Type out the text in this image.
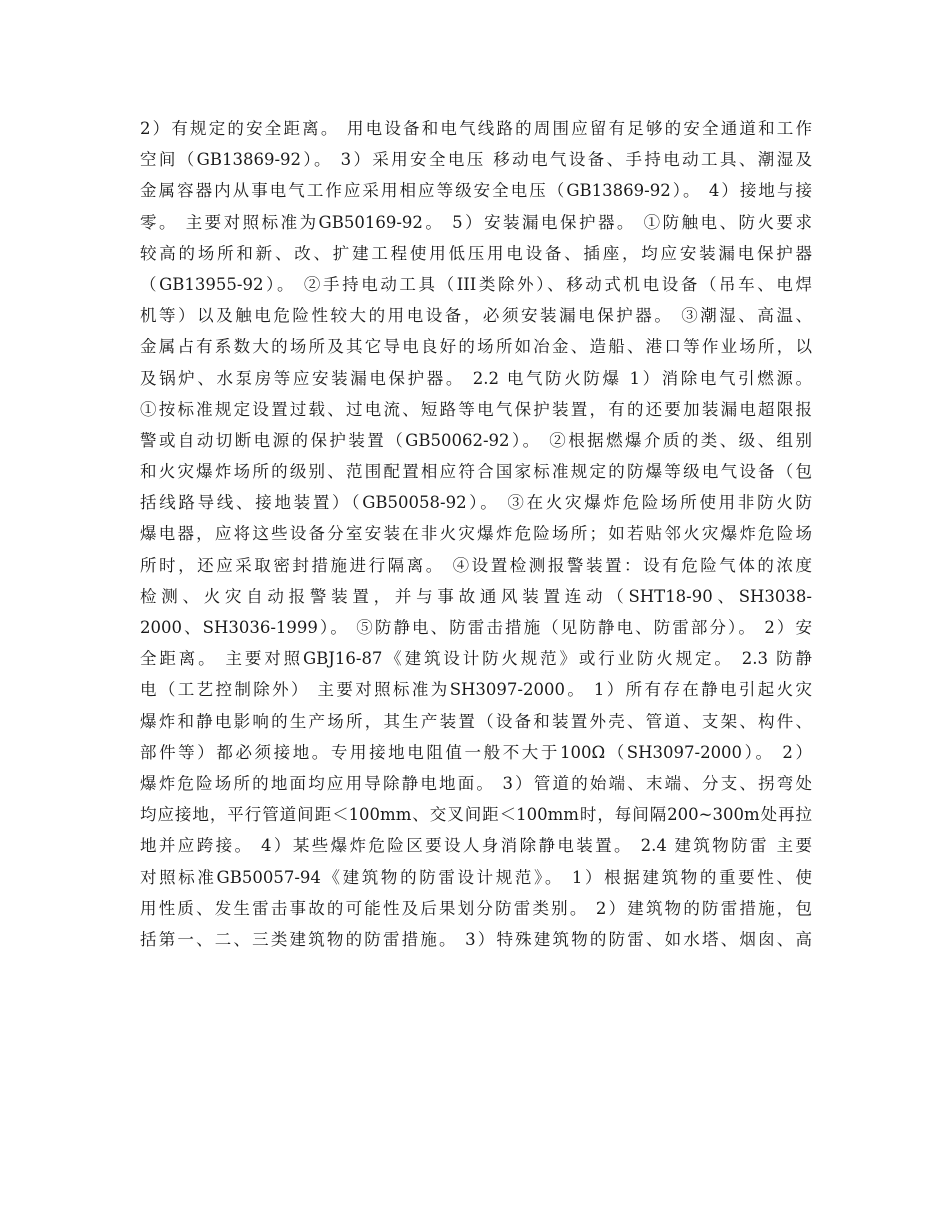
2）有规定的安全距离。 用电设备和电气线路的周围应留有足够的安全通道和工作
空间（GB13869-92）。 3）采用安全电压 移动电气设备、手持电动工具、潮湿及
金属容器内从事电气工作应采用相应等级安全电压（GB13869-92）。 4）接地与接
零。 主要对照标准为GB50169-92。 5）安装漏电保护器。 ①防触电、防火要求
较高的场所和新、改、扩建工程使用低压用电设备、插座，均应安装漏电保护器
（GB13955-92）。 ②手持电动工具（III类除外）、移动式机电设备（吊车、电焊
机等）以及触电危险性较大的用电设备，必须安装漏电保护器。 ③潮湿、高温、
金属占有系数大的场所及其它导电良好的场所如冶金、造船、港口等作业场所，以
及锅炉、水泵房等应安装漏电保护器。 2.2 电气防火防爆 1）消除电气引燃源。
①按标准规定设置过载、过电流、短路等电气保护装置，有的还要加装漏电超限报
警或自动切断电源的保护装置（GB50062-92）。 ②根据燃爆介质的类、级、组别
和火灾爆炸场所的级别、范围配置相应符合国家标准规定的防爆等级电气设备（包
括线路导线、接地装置）（GB50058-92）。 ③在火灾爆炸危险场所使用非防火防
爆电器，应将这些设备分室安装在非火灾爆炸危险场所；如若贴邻火灾爆炸危险场
所时，还应采取密封措施进行隔离。 ④设置检测报警装置：设有危险气体的浓度
检测、火灾自动报警装置，并与事故通风装置连动（SHT18-90、SH3038-
2000、SH3036-1999）。 ⑤防静电、防雷击措施（见防静电、防雷部分）。 2）安
全距离。 主要对照GBJ16-87《建筑设计防火规范》或行业防火规定。 2.3 防静
电（工艺控制除外） 主要对照标准为SH3097-2000。 1）所有存在静电引起火灾
爆炸和静电影响的生产场所，其生产装置（设备和装置外壳、管道、支架、构件、
部件等）都必须接地。专用接地电阻值一般不大于100Ω（SH3097-2000）。 2）
爆炸危险场所的地面均应用导除静电地面。 3）管道的始端、末端、分支、拐弯处
均应接地，平行管道间距＜100mm、交叉间距＜100mm时，每间隔200~300m处再拉
地并应跨接。 4）某些爆炸危险区要设人身消除静电装置。 2.4 建筑物防雷 主要
对照标准GB50057-94《建筑物的防雷设计规范》。 1）根据建筑物的重要性、使
用性质、发生雷击事故的可能性及后果划分防雷类别。 2）建筑物的防雷措施，包
括第一、二、三类建筑物的防雷措施。 3）特殊建筑物的防雷、如水塔、烟囱、高
